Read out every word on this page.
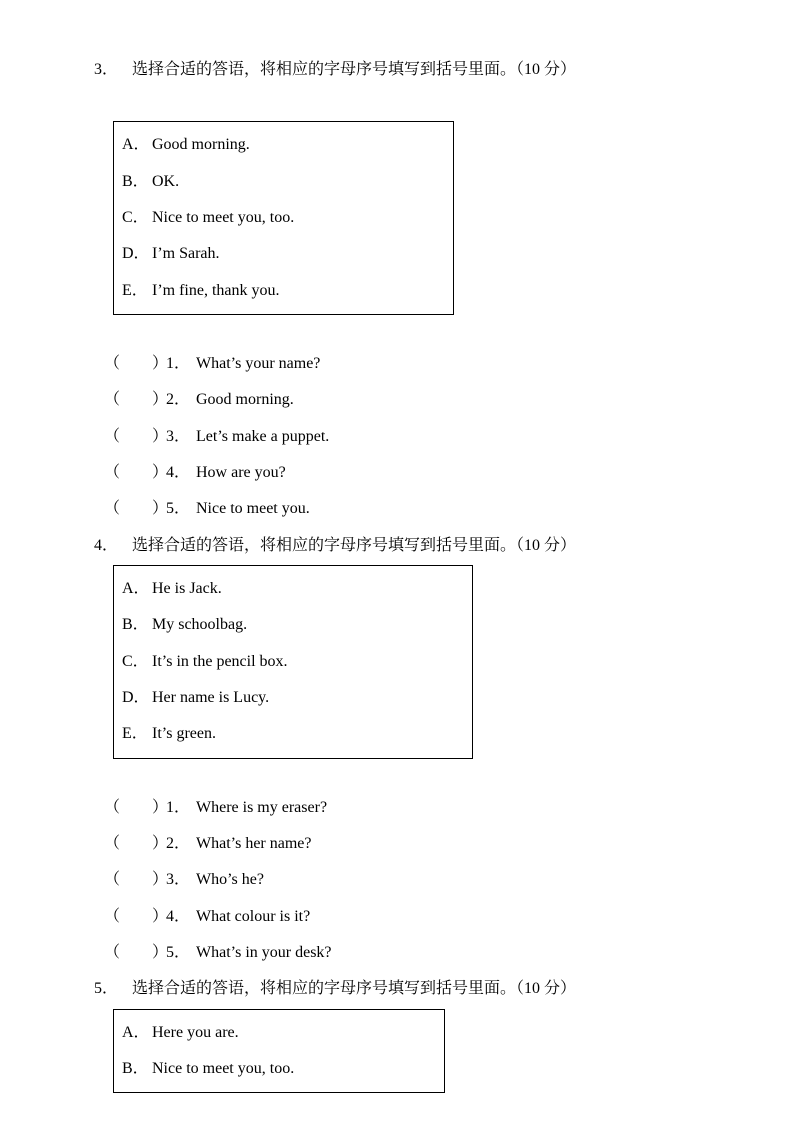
3． 选择合适的答语，将相应的字母序号填写到括号里面。（10 分）
A． Good morning.
B． OK.
C． Nice to meet you, too.
D． I’m Sarah.
E． I’m fine, thank you.
（ ）1． What’s your name?
（ ）2． Good morning.
（ ）3． Let’s make a puppet.
（ ）4． How are you?
（ ）5． Nice to meet you.
4． 选择合适的答语，将相应的字母序号填写到括号里面。（10 分）
A． He is Jack.
B． My schoolbag.
C． It’s in the pencil box.
D． Her name is Lucy.
E． It’s green.
（ ）1． Where is my eraser?
（ ）2． What’s her name?
（ ）3． Who’s he?
（ ）4． What colour is it?
（ ）5． What’s in your desk?
5． 选择合适的答语，将相应的字母序号填写到括号里面。（10 分）
A． Here you are.
B． Nice to meet you, too.
